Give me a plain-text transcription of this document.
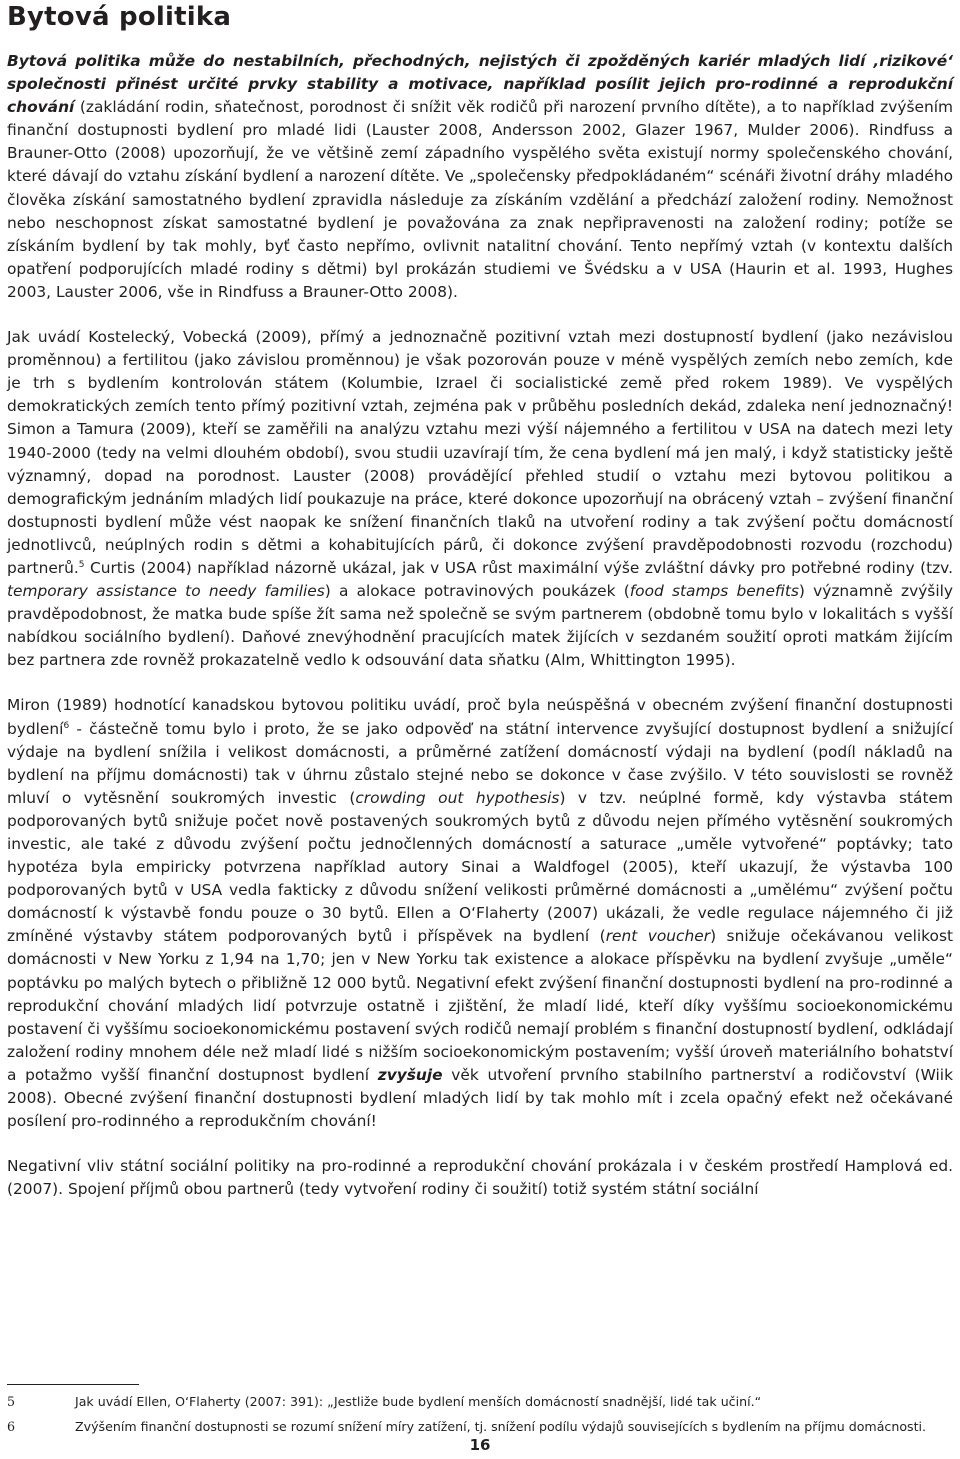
Bytová politika

Bytová politika může do nestabilních, přechodných, nejistých či zpožděných kariér mladých lidí ‚rizikové‘ společnosti přinést určité prvky stability a motivace, například posílit jejich pro-rodinné a reprodukční chování (zakládání rodin, sňatečnost, porodnost či snížit věk rodičů při narození prvního dítěte), a to například zvýšením finanční dostupnosti bydlení pro mladé lidi (Lauster 2008, Andersson 2002, Glazer 1967, Mulder 2006). Rindfuss a Brauner-Otto (2008) upozorňují, že ve většině zemí západního vyspělého světa existují normy společenského chování, které dávají do vztahu získání bydlení a narození dítěte. Ve „společensky předpokládaném“ scénáři životní dráhy mladého člověka získání samostatného bydlení zpravidla následuje za získáním vzdělání a předchází založení rodiny. Nemožnost nebo neschopnost získat samostatné bydlení je považována za znak nepřipravenosti na založení rodiny; potíže se získáním bydlení by tak mohly, byť často nepřímo, ovlivnit natalitní chování. Tento nepřímý vztah (v kontextu dalších opatření podporujících mladé rodiny s dětmi) byl prokázán studiemi ve Švédsku a v USA (Haurin et al. 1993, Hughes 2003, Lauster 2006, vše in Rindfuss a Brauner-Otto 2008).

Jak uvádí Kostelecký, Vobecká (2009), přímý a jednoznačně pozitivní vztah mezi dostupností bydlení (jako nezávislou proměnnou) a fertilitou (jako závislou proměnnou) je však pozorován pouze v méně vyspělých zemích nebo zemích, kde je trh s bydlením kontrolován státem (Kolumbie, Izrael či socialistické země před rokem 1989). Ve vyspělých demokratických zemích tento přímý pozitivní vztah, zejména pak v průběhu posledních dekád, zdaleka není jednoznačný! Simon a Tamura (2009), kteří se zaměřili na analýzu vztahu mezi výší nájemného a fertilitou v USA na datech mezi lety 1940-2000 (tedy na velmi dlouhém období), svou studii uzavírají tím, že cena bydlení má jen malý, i když statisticky ještě významný, dopad na porodnost. Lauster (2008) provádějící přehled studií o vztahu mezi bytovou politikou a demografickým jednáním mladých lidí poukazuje na práce, které dokonce upozorňují na obrácený vztah – zvýšení finanční dostupnosti bydlení může vést naopak ke snížení finančních tlaků na utvoření rodiny a tak zvýšení počtu domácností jednotlivců, neúplných rodin s dětmi a kohabitujících párů, či dokonce zvýšení pravděpodobnosti rozvodu (rozchodu) partnerů.$^5$ Curtis (2004) například názorně ukázal, jak v USA růst maximální výše zvláštní dávky pro potřebné rodiny (tzv. temporary assistance to needy families) a alokace potravinových poukázek (food stamps benefits) významně zvýšily pravděpodobnost, že matka bude spíše žít sama než společně se svým partnerem (obdobně tomu bylo v lokalitách s vyšší nabídkou sociálního bydlení). Daňové znevýhodnění pracujících matek žijících v sezdaném soužití oproti matkám žijícím bez partnera zde rovněž prokazatelně vedlo k odsouvání data sňatku (Alm, Whittington 1995).

Miron (1989) hodnotící kanadskou bytovou politiku uvádí, proč byla neúspěšná v obecném zvýšení finanční dostupnosti bydlení$^6$ - částečně tomu bylo i proto, že se jako odpověď na státní intervence zvyšující dostupnost bydlení a snižující výdaje na bydlení snížila i velikost domácnosti, a průměrné zatížení domácností výdaji na bydlení (podíl nákladů na bydlení na příjmu domácnosti) tak v úhrnu zůstalo stejné nebo se dokonce v čase zvýšilo. V této souvislosti se rovněž mluví o vytěsnění soukromých investic (crowding out hypothesis) v tzv. neúplné formě, kdy výstavba státem podporovaných bytů snižuje počet nově postavených soukromých bytů z důvodu nejen přímého vytěsnění soukromých investic, ale také z důvodu zvýšení počtu jednočlenných domácností a saturace „uměle vytvořené“ poptávky; tato hypotéza byla empiricky potvrzena například autory Sinai a Waldfogel (2005), kteří ukazují, že výstavba 100 podporovaných bytů v USA vedla fakticky z důvodu snížení velikosti průměrné domácnosti a „umělému“ zvýšení počtu domácností k výstavbě fondu pouze o 30 bytů. Ellen a O‘Flaherty (2007) ukázali, že vedle regulace nájemného či již zmíněné výstavby státem podporovaných bytů i příspěvek na bydlení (rent voucher) snižuje očekávanou velikost domácnosti v New Yorku z 1,94 na 1,70; jen v New Yorku tak existence a alokace příspěvku na bydlení zvyšuje „uměle“ poptávku po malých bytech o přibližně 12 000 bytů. Negativní efekt zvýšení finanční dostupnosti bydlení na pro-rodinné a reprodukční chování mladých lidí potvrzuje ostatně i zjištění, že mladí lidé, kteří díky vyššímu socioekonomickému postavení či vyššímu socioekonomickému postavení svých rodičů nemají problém s finanční dostupností bydlení, odkládají založení rodiny mnohem déle než mladí lidé s nižším socioekonomickým postavením; vyšší úroveň materiálního bohatství a potažmo vyšší finanční dostupnost bydlení zvyšuje věk utvoření prvního stabilního partnerství a rodičovství (Wiik 2008). Obecné zvýšení finanční dostupnosti bydlení mladých lidí by tak mohlo mít i zcela opačný efekt než očekávané posílení pro-rodinného a reprodukčním chování!

Negativní vliv státní sociální politiky na pro-rodinné a reprodukční chování prokázala i v českém prostředí Hamplová ed. (2007). Spojení příjmů obou partnerů (tedy vytvoření rodiny či soužití) totiž systém státní sociální

5	Jak uvádí Ellen, O‘Flaherty (2007: 391): „Jestliže bude bydlení menších domácností snadnější, lidé tak učiní.“
6	Zvýšením finanční dostupnosti se rozumí snížení míry zatížení, tj. snížení podílu výdajů souvisejících s bydlením na příjmu domácnosti.
16
